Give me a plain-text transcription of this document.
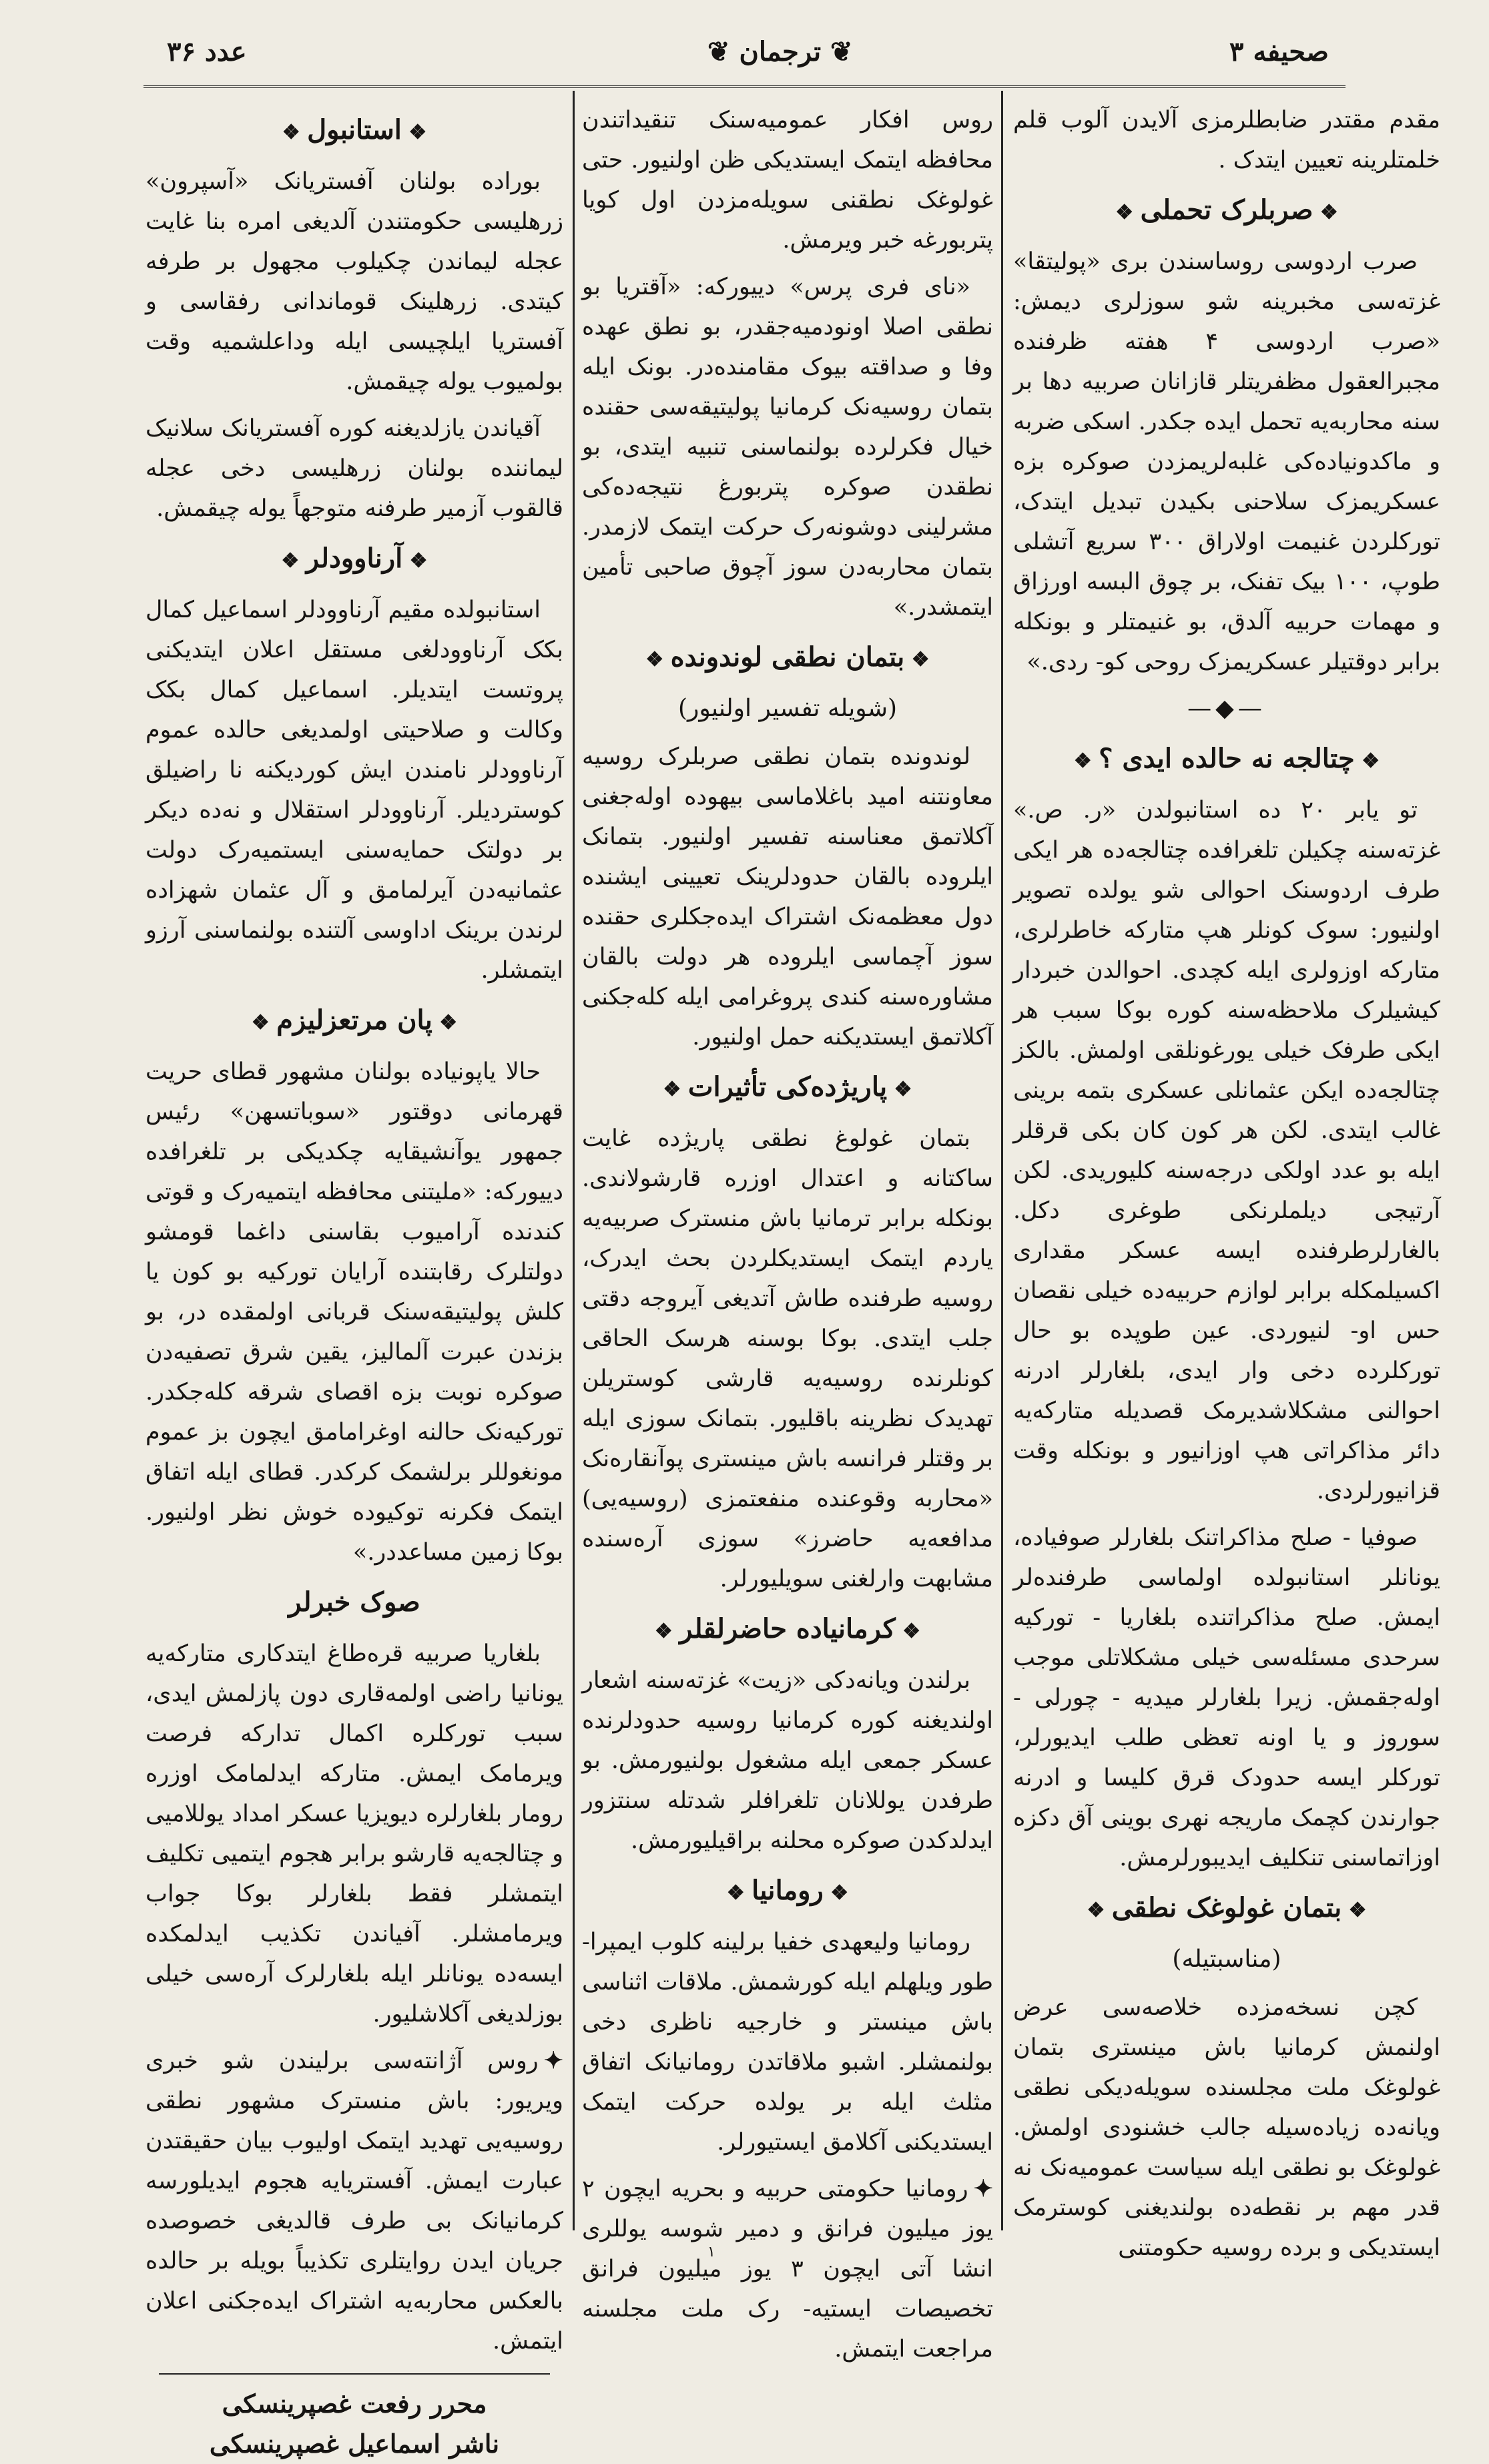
عدد ۳۶	❦ ترجمان ❦	صحیفه ۳

مقدم مقتدر ضابطلرمزی آلایدن آلوب قلم خلمتلرینه تعیین ایتدک .

❖ صربلرک تحملی ❖

صرب اردوسی روساسندن بری «پولیتقا» غزته‌سی مخبرینه شو سوزلری دیمش: «صرب اردوسی ۴ هفته ظرفنده مجبرالعقول مظفریتلر قازانان صربیه دها بر سنه محاربه‌یه تحمل ایده جکدر. اسکی ضربه و ماکدونیاده‌کی غلبه‌لریمزدن صوکره بزه عسکریمزک سلاحنی بکیدن تبدیل ایتدک، تورکلردن غنیمت اولاراق ۳۰۰ سریع آتشلی طوپ، ۱۰۰ بیک تفنک، بر چوق البسه اورزاق و مهمات حربیه آلدق، بو غنیمتلر و بونکله برابر دوقتیلر عسکریمزک روحی کو- ردی.»

—◆—
❖ چتالجه نه حالده ایدی ؟ ❖

تو یابر ۲۰ ده استانبولدن «ر. ص.» غزته‌سنه چکیلن تلغرافده چتالجه‌ده هر ایکی طرف اردوسنک احوالی شو یولده تصویر اولنیور: سوک کونلر هپ متارکه خاطرلری، متارکه اوزولری ایله کچدی. احوالدن خبردار کیشیلرک ملاحظه‌سنه کوره بوکا سبب هر ایکی طرفک خیلی یورغونلقی اولمش. بالکز چتالجه‌ده ایکن عثمانلی عسکری بتمه برینی غالب ایتدی. لکن هر کون کان بکی قرقلر ایله بو عدد اولکی درجه‌سنه کلیوریدی. لکن آرتیجی دیلملرنکی طوغری دکل. بالغارلرطرفنده ایسه عسکر مقداری اکسیلمکله برابر لوازم حربیه‌ده خیلی نقصان حس او- لنیوردی. عین طوپده بو حال تورکلرده دخی وار ایدی، بلغارلر ادرنه احوالنی مشکلاشدیرمک قصدیله متارکه‌یه دائر مذاکراتی هپ اوزانیور و بونکله وقت قزانیورلردی.

صوفیا - صلح مذاکراتنک بلغارلر صوفیاده، یونانلر استانبولده اولماسی طرفنده‌لر ایمش. صلح مذاکراتنده بلغاریا - تورکیه سرحدی مسئله‌سی خیلی مشکلاتلی موجب اوله‌جقمش. زیرا بلغارلر میدیه - چورلی - سوروز و یا اونه‌ تعظی طلب ایدیورلر، تورکلر ایسه حدودک قرق کلیسا و ادرنه جوارندن کچمک ماریجه نهری بوینی آق دکزه اوزاتماسنی تنکلیف ایدیبورلرمش.

❖ بتمان غولوغک نطقی ❖
(مناسبتیله)

کچن نسخه‌مزده خلاصه‌سی عرض اولنمش کرمانیا باش مینستری بتمان غولوغک ملت مجلسنده سویله‌دیکی نطقی ویانه‌ده زیاده‌سیله جالب خشنودی اولمش. غولوغک بو نطقی ایله سیاست عمومیه‌نک نه قدر مهم بر نقطه‌ده بولندیغنی کوسترمک ایستدیکی و برده روسیه حکومتنی

روس افکار عمومیه‌سنک تنقیداتندن محافظه ایتمک ایستدیکی ظن اولنیور. حتی غولوغک نطقنی سویله‌مزدن اول کویا پتربورغه خبر ویرمش.

«نای فری پرس» دییورکه: «آقتریا بو نطقی اصلا اونودمیه‌جقدر، بو نطق عهده وفا و صداقته بیوک مقامنده‌در. بونک ایله بتمان روسیه‌نک کرمانیا پولیتیقه‌سی حقنده خیال فکرلرده بولنماسنی تنبیه ایتدی، بو نطقدن صوکره پتربورغ نتیجه‌ده‌کی مشرلینی دوشونه‌رک حرکت ایتمک لازمدر. بتمان محاربه‌دن سوز آچوق صاحبی تأمین ایتمشدر.»

❖ بتمان نطقی لوندونده ❖
(شویله تفسیر اولنیور)

لوندونده بتمان نطقی صربلرک روسیه معاونتنه امید باغلاماسی بیهوده اوله‌جغنی آکلاتمق معناسنه تفسیر اولنیور. بتمانک ایلروده بالقان حدودلرینک تعیینی ایشنده دول معظمه‌نک اشتراک ایده‌جکلری حقنده سوز آچماسی ایلروده هر دولت بالقان مشاوره‌سنه کندی پروغرامی ایله کله‌جکنی آکلاتمق ایستدیکنه حمل اولنیور.

❖ پاریژده‌کی تأثیرات ❖

بتمان غولوغ نطقی پاریژده غایت ساکتانه و اعتدال اوزره قارشولاندی. بونکله برابر ترمانیا باش منسترک صربیه‌یه یاردم ایتمک ایستدیکلردن بحث ایدرک، روسیه طرفنده طاش آتدیغی آیروجه دقتی جلب ایتدی. بوکا بوسنه هرسک الحاقی کونلرنده روسیه‌یه قارشی کوستریلن تهدیدک نظرینه باقلیور. بتمانک سوزی ایله بر وقتلر فرانسه باش مینستری پوآنقاره‌نک «محاربه وقوعنده منفعتمزی (روسیه‌یی) مدافعه‌یه حاضرز» سوزی آره‌سنده مشابهت وارلغنی سویلیورلر.

❖ کرمانیاده حاضرلقلر ❖

برلندن ویانه‌دکی «زیت» غزته‌سنه اشعار اولندیغنه کوره کرمانیا روسیه حدودلرنده عسکر جمعی ایله مشغول بولنیورمش. بو طرفدن یوللانان تلغرافلر شدتله سنتزور ایدلدکدن صوکره محلنه براقیلیورمش.

❖ رومانیا ❖

رومانیا ولیعهدی خفیا برلینه کلوب ایمپرا- طور ویلهلم ایله کورشمش. ملاقات اثناسی باش مینستر و خارجیه ناظری دخی بولنمشلر. اشبو ملاقاتدن رومانیانک اتفاق مثلث ایله بر یولده حرکت ایتمک ایستدیکنی آکلامق ایستیورلر.

✦رومانیا حکومتی حربیه و بحریه ایچون ۲ یوز میلیون فرانق و دمیر شوسه یوللری انشا آتی ایچون ۳ یوز میلیون فرانق تخصیصات ایستیه- رک ملت مجلسنه مراجعت ایتمش.

❖ استانبول ❖

بوراده بولنان آفستریانک «آسپرون» زرهلیسی حکومتندن آلدیغی امره بنا غایت عجله لیماندن چکیلوب مجهول بر طرفه کیتدی. زرهلینک قوماندانی رفقاسی و آفستریا ایلچیسی ایله وداعلشمیه وقت بولمیوب یوله چیقمش.

آقیاندن یازلدیغنه کوره آفستریانک سلانیک لیماننده بولنان زرهلیسی دخی عجله قالقوب آزمیر طرفنه متوجهاً یوله چیقمش.

❖ آرناوودلر ❖

استانبولده مقیم آرناوودلر اسماعیل کمال بکک آرناوودلغی مستقل اعلان ایتدیکنی پروتست ایتدیلر. اسماعیل کمال بکک وکالت و صلاحیتی اولمدیغی حالده عموم آرناوودلر نامندن ایش کوردیکنه نا راضیلق کوستردیلر. آرناوودلر استقلال و نه‌ده دیکر بر دولتک حمایه‌سنی ایستمیه‌رک دولت عثمانیه‌دن آیرلمامق و آل عثمان شهزاده لرندن برینک اداوسی آلتنده بولنماسنی آرزو ایتمشلر.

❖ پان مرتعزلیزم ❖

حالا یاپونیاده بولنان مشهور قطای حریت قهرمانی دوقتور «سوباتسهن» رئیس جمهور یوآنشیقایه چکدیکی بر تلغرافده دییورکه: «ملیتنی محافظه ایتمیه‌رک و قوتی کندنده آرامیوب بقاسنی داغما قومشو دولتلرک رقابتنده آرایان تورکیه بو کون یا کلش پولیتیقه‌سنک قربانی اولمقده در، بو بزندن عبرت آلمالیز، یقین شرق تصفیه‌دن صوکره نوبت بزه اقصای شرقه کله‌جکدر. تورکیه‌نک حالنه اوغرامامق ایچون بز عموم مونغوللر برلشمک کرکدر. قطای ایله اتفاق ایتمک فکرنه توکیوده خوش نظر اولنیور. بوکا زمین مساعددر.»

صوک خبرلر

بلغاریا صربیه قره‌طاغ ایتدکاری متارکه‌یه یونانیا راضی اولمه‌قاری دون پازلمش ایدی، سبب تورکلره اکمال تدارکه فرصت ویرمامک ایمش. متارکه ایدلمامک اوزره رومار بلغارلره دیویزیا عسکر امداد یوللامیی و چتالجه‌یه قارشو برابر هجوم ایتمیی تکلیف ایتمشلر فقط بلغارلر بوکا جواب ویرمامشلر. آفیاندن تکذیب ایدلمکده ایسه‌ده یونانلر ایله بلغارلرک آره‌سی خیلی بوزلدیغی آکلاشلیور.

✦روس آژانته‌سی برلیندن شو خبری ویریور: باش منسترک مشهور نطقی روسیه‌یی تهدید ایتمک اولیوب بیان حقیقتدن عبارت ایمش. آفستریایه هجوم ایدیلورسه کرمانیانک بی طرف قالدیغی خصوصده جریان ایدن روایتلری تکذیباً بویله بر حالده بالعکس محاربه‌یه اشتراک ایده‌جکنی اعلان ایتمش.

محرر رفعت غصپرینسکی
ناشر اسماعیل غصپرینسکی
۱
